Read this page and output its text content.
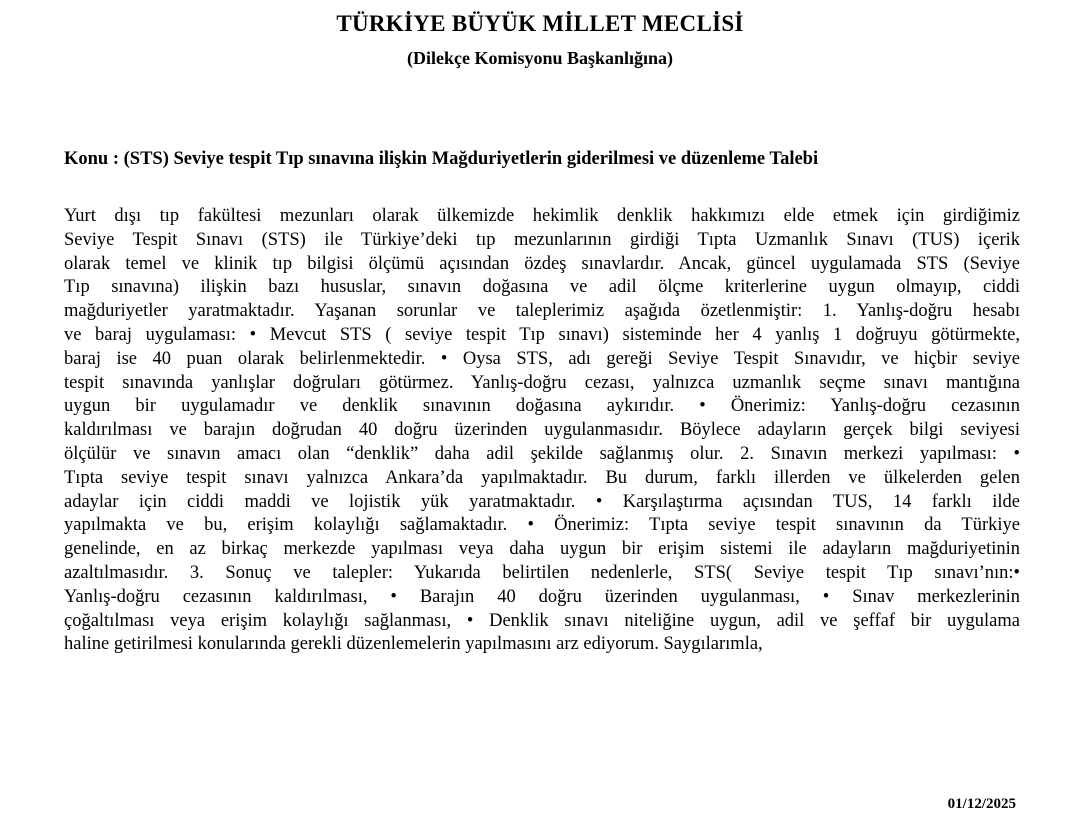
TÜRKİYE BÜYÜK MİLLET MECLİSİ
(Dilekçe Komisyonu Başkanlığına)
Konu : (STS) Seviye tespit Tıp sınavına ilişkin Mağduriyetlerin giderilmesi ve düzenleme Talebi
Yurt dışı tıp fakültesi mezunları olarak ülkemizde hekimlik denklik hakkımızı elde etmek için girdiğimiz
Seviye Tespit Sınavı (STS) ile Türkiye’deki tıp mezunlarının girdiği Tıpta Uzmanlık Sınavı (TUS) içerik
olarak temel ve klinik tıp bilgisi ölçümü açısından özdeş sınavlardır. Ancak, güncel uygulamada STS (Seviye
Tıp sınavına) ilişkin bazı hususlar, sınavın doğasına ve adil ölçme kriterlerine uygun olmayıp, ciddi
mağduriyetler yaratmaktadır. Yaşanan sorunlar ve taleplerimiz aşağıda özetlenmiştir: 1. Yanlış-doğru hesabı
ve baraj uygulaması: • Mevcut STS ( seviye tespit Tıp sınavı) sisteminde her 4 yanlış 1 doğruyu götürmekte,
baraj ise 40 puan olarak belirlenmektedir. • Oysa STS, adı gereği Seviye Tespit Sınavıdır, ve hiçbir seviye
tespit sınavında yanlışlar doğruları götürmez. Yanlış-doğru cezası, yalnızca uzmanlık seçme sınavı mantığına
uygun bir uygulamadır ve denklik sınavının doğasına aykırıdır. • Önerimiz: Yanlış-doğru cezasının
kaldırılması ve barajın doğrudan 40 doğru üzerinden uygulanmasıdır. Böylece adayların gerçek bilgi seviyesi
ölçülür ve sınavın amacı olan “denklik” daha adil şekilde sağlanmış olur. 2. Sınavın merkezi yapılması: •
Tıpta seviye tespit sınavı yalnızca Ankara’da yapılmaktadır. Bu durum, farklı illerden ve ülkelerden gelen
adaylar için ciddi maddi ve lojistik yük yaratmaktadır. • Karşılaştırma açısından TUS, 14 farklı ilde
yapılmakta ve bu, erişim kolaylığı sağlamaktadır. • Önerimiz: Tıpta seviye tespit sınavının da Türkiye
genelinde, en az birkaç merkezde yapılması veya daha uygun bir erişim sistemi ile adayların mağduriyetinin
azaltılmasıdır. 3. Sonuç ve talepler: Yukarıda belirtilen nedenlerle, STS( Seviye tespit Tıp sınavı’nın:•
Yanlış-doğru cezasının kaldırılması, • Barajın 40 doğru üzerinden uygulanması, • Sınav merkezlerinin
çoğaltılması veya erişim kolaylığı sağlanması, • Denklik sınavı niteliğine uygun, adil ve şeffaf bir uygulama
haline getirilmesi konularında gerekli düzenlemelerin yapılmasını arz ediyorum. Saygılarımla,
01/12/2025
